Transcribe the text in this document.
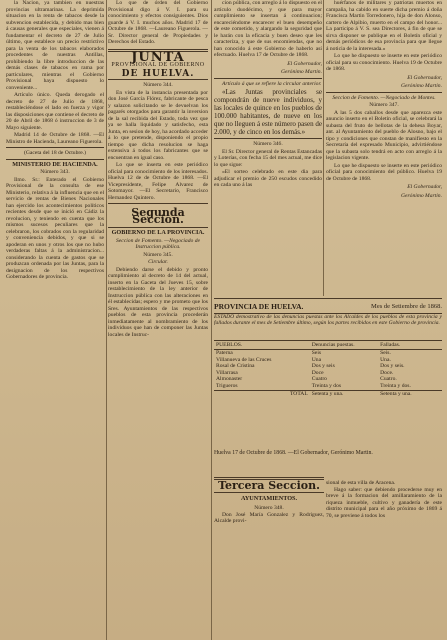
la Nacion, ya tambien en nuestras provincias ultramarinas. La deprimida situacion en la renta de tabacos desde la subvencion establecida, y debido mas bien á causas generales que especiales, vienen á fundamentar el decreto de 27 de Julio último, que establece un precio restrictivo para la venta de los tabacos elaborados procedentes de nuestras Antillas, prohibiendo la libre introduccion de las demás clases de tabacos en rama por particulares, mientras el Gobierno Provisional haya dispuesto lo conveniente...

Artículo único. Queda derogado el decreto de 27 de Julio de 1868, restableciéndose el lado en fuerza y vigor las disposiciones que contiene el decreto de 20 de Abril de 1868 ó instruccion de 3 de Mayo siguiente.

Madrid 14 de Octubre de 1868. —El Ministro de Hacienda, Laureano Figuerola.

(Gaceta del 18 de Octubre.)

MINISTERIO DE HACIENDA.

Número 343.

Ilmo. Sr.: Enterado el Gobierno Provisional de la consulta de ese Ministerio, relativa á la influencia que en el servicio de rentas de Bienes Nacionales han ejercido los acontecimientos políticos recientes desde que se inició en Cádiz la revolucion, y teniendo en cuenta que los mismos sucesos peculiares que la celebraron, los cobrados con la regularidad y conveniencia debidos, y que si se apoderan en unos y otros los que no hubo verdaderas faltas á la administracion... considerando la cuenta de gastos que se produzcan ordenada por las Juntas, para la designacion de los respectivos Gobernadores de provincia.

Lo que de órden del Gobierno Provisional digo á V. I. para su conocimiento y efectos consiguientes. Dios guarde á V. I. muchos años. Madrid 17 de Octubre de 1868. —Laureano Figuerola. —Sr. Director general de Propiedades y Derechos del Estado.

JUNTA
PROVISIONAL DE GOBIERNO
DE HUELVA.

Número 344.

En vista de la instancia presentada por don José García Flórez, fabricante de pesca y salazon solicitando se le devuelvan los pagarés otorgados para garantir la inversion de la sal recibida del Estado, toda vez que ya se halla liquidado y satisfecho, esta Junta, en sesion de hoy, ha acordado acceder á lo que pretende, disponiendo el propio tiempo que dicha resolucion se haga extensiva á todos los fabricantes que se encuentran en igual caso.

Lo que se inserta en este periódico oficial para conocimiento de los interesados. Huelva 12 de de Octubre de 1868. —El Vicepresidente, Felipe Alvarez de Sotomayor. —El Secretario, Francisco Hernandez Quintero.

Segunda Seccion.

GOBIERNO DE LA PROVINCIA.

Seccion de Fomento. —Negociado de Instruccion pública.

Número 345.

Circular.

Debiendo darse el debido y pronto cumplimiento al decreto de 14 del actual, inserto en la Gaceta del Jueves 15, sobre restablecimiento de la ley anterior de Instruccion pública con las alteraciones en él establecidas; espero y me prometo que los Sres. Ayuntamientos de las respectivos pueblos de esta provincia procederán inmediatamente al nombramiento de los individuos que han de componer las Juntas locales de Instruc-

cion pública, con arreglo á lo dispuesto en el artículo duodécimo, y que para mayor cumplimiento se insertan á continuacion; encareciéndome encarecer el buen desempeño de este cometido, y alargando la seguridad que le harán con la eficacia y buen deseo que les caracteriza, y que de sus encomiendas, que no han conocido á este Gobierno de haberlo así efectuado. Huelva 17 de Octubre de 1868.

El Gobernador,
Gerónimo Martin.

Artículo á que se refiere la circular anterior.

«Las Juntas provinciales se compondrán de nueve individuos, y las locales de quince en los pueblos de 100.000 habitantes, de nueve en los que no lleguen á este número pasen de 2.000, y de cinco en los demás.»

Número 346.

El Sr. Director general de Rentas Estancadas y Loterías, con fecha 15 del mes actual, me dice lo que sigue:

«El sorteo celebrado en este dia para adjudicar el premio de 250 escudos concedido en cada uno á las

huérfanos de militares y patriotas muertos en campaña, ha cabido en suerte dicha premio á doña Francisca Martin Torredonero, hija de don Alonso, cartero de Alpibio, muerto en el campo del honor... La participo á V. S. sea Directores, á fin de que se sirva disponer se publique en el Boletín oficial y demás periódicos de esa provincia para que llegue á noticia de la interesada.»

Lo que he dispuesto se inserte en este periódico oficial para su conocimiento. Huelva 19 de Octubre de 1868.

El Gobernador,
Gerónimo Martin.

Seccion de Fomento. —Negociado de Montes.

Número 347.

A las 5 dos caballos desde que aparezca este anuncio inserto en el Boletín oficial, se celebrará la subasta del fruto de bellotas de la dehesa Boyar, ant. al Ayuntamiento del pueblo de Alosno, bajo el tipo y condiciones que constan de manifiesto en la Secretaría del expresado Municipio, advirtiéndose que la subasta solo tendrá en acto con arreglo á la legislacion vigente.

Lo que he dispuesto se inserte en este periódico oficial para conocimiento del público. Huelva 19 de Octubre de 1868.

El Gobernador,
Gerónimo Martin.
PROVINCIA DE HUELVA.	Mes de Setiembre de 1868.
ESTADO demostrativo de las denuncias puestas ante los Alcaldes de los pueblos de esta provincia y fallados durante el mes de Setiembre último, según los partes recibidos en este Gobierno de provincia.
PUEBLOS.	Denuncias puestas.	Falladas.
Paterna	Seis	Seis.
Villanueva de las Cruces	Una	Una.
Rosal de Cristina	Dos y seis	Dos y seis.
Villarrasa	Doce	Doce.
Almonaster	Cuatro	Cuatro.
Trigueros	Treinta y dos	Treinta y dos.
TOTAL	Setenta y una.	Setenta y una.
Huelva 17 de Octubre de 1868. —El Gobernador, Gerónimo Martin.
Tercera Seccion.
AYUNTAMIENTOS.
Número 348.
Don José María Gonzalez y Rodriguez, Alcalde provi-
sional de esta villa de Aracena.
Hago saber: que debiendo procederse muy en breve á la formacion del amillaramiento de la riqueza inmueble, cultivo y ganadería de este distrito municipal para el año próximo de 1869 á 70, se previene á todos los
